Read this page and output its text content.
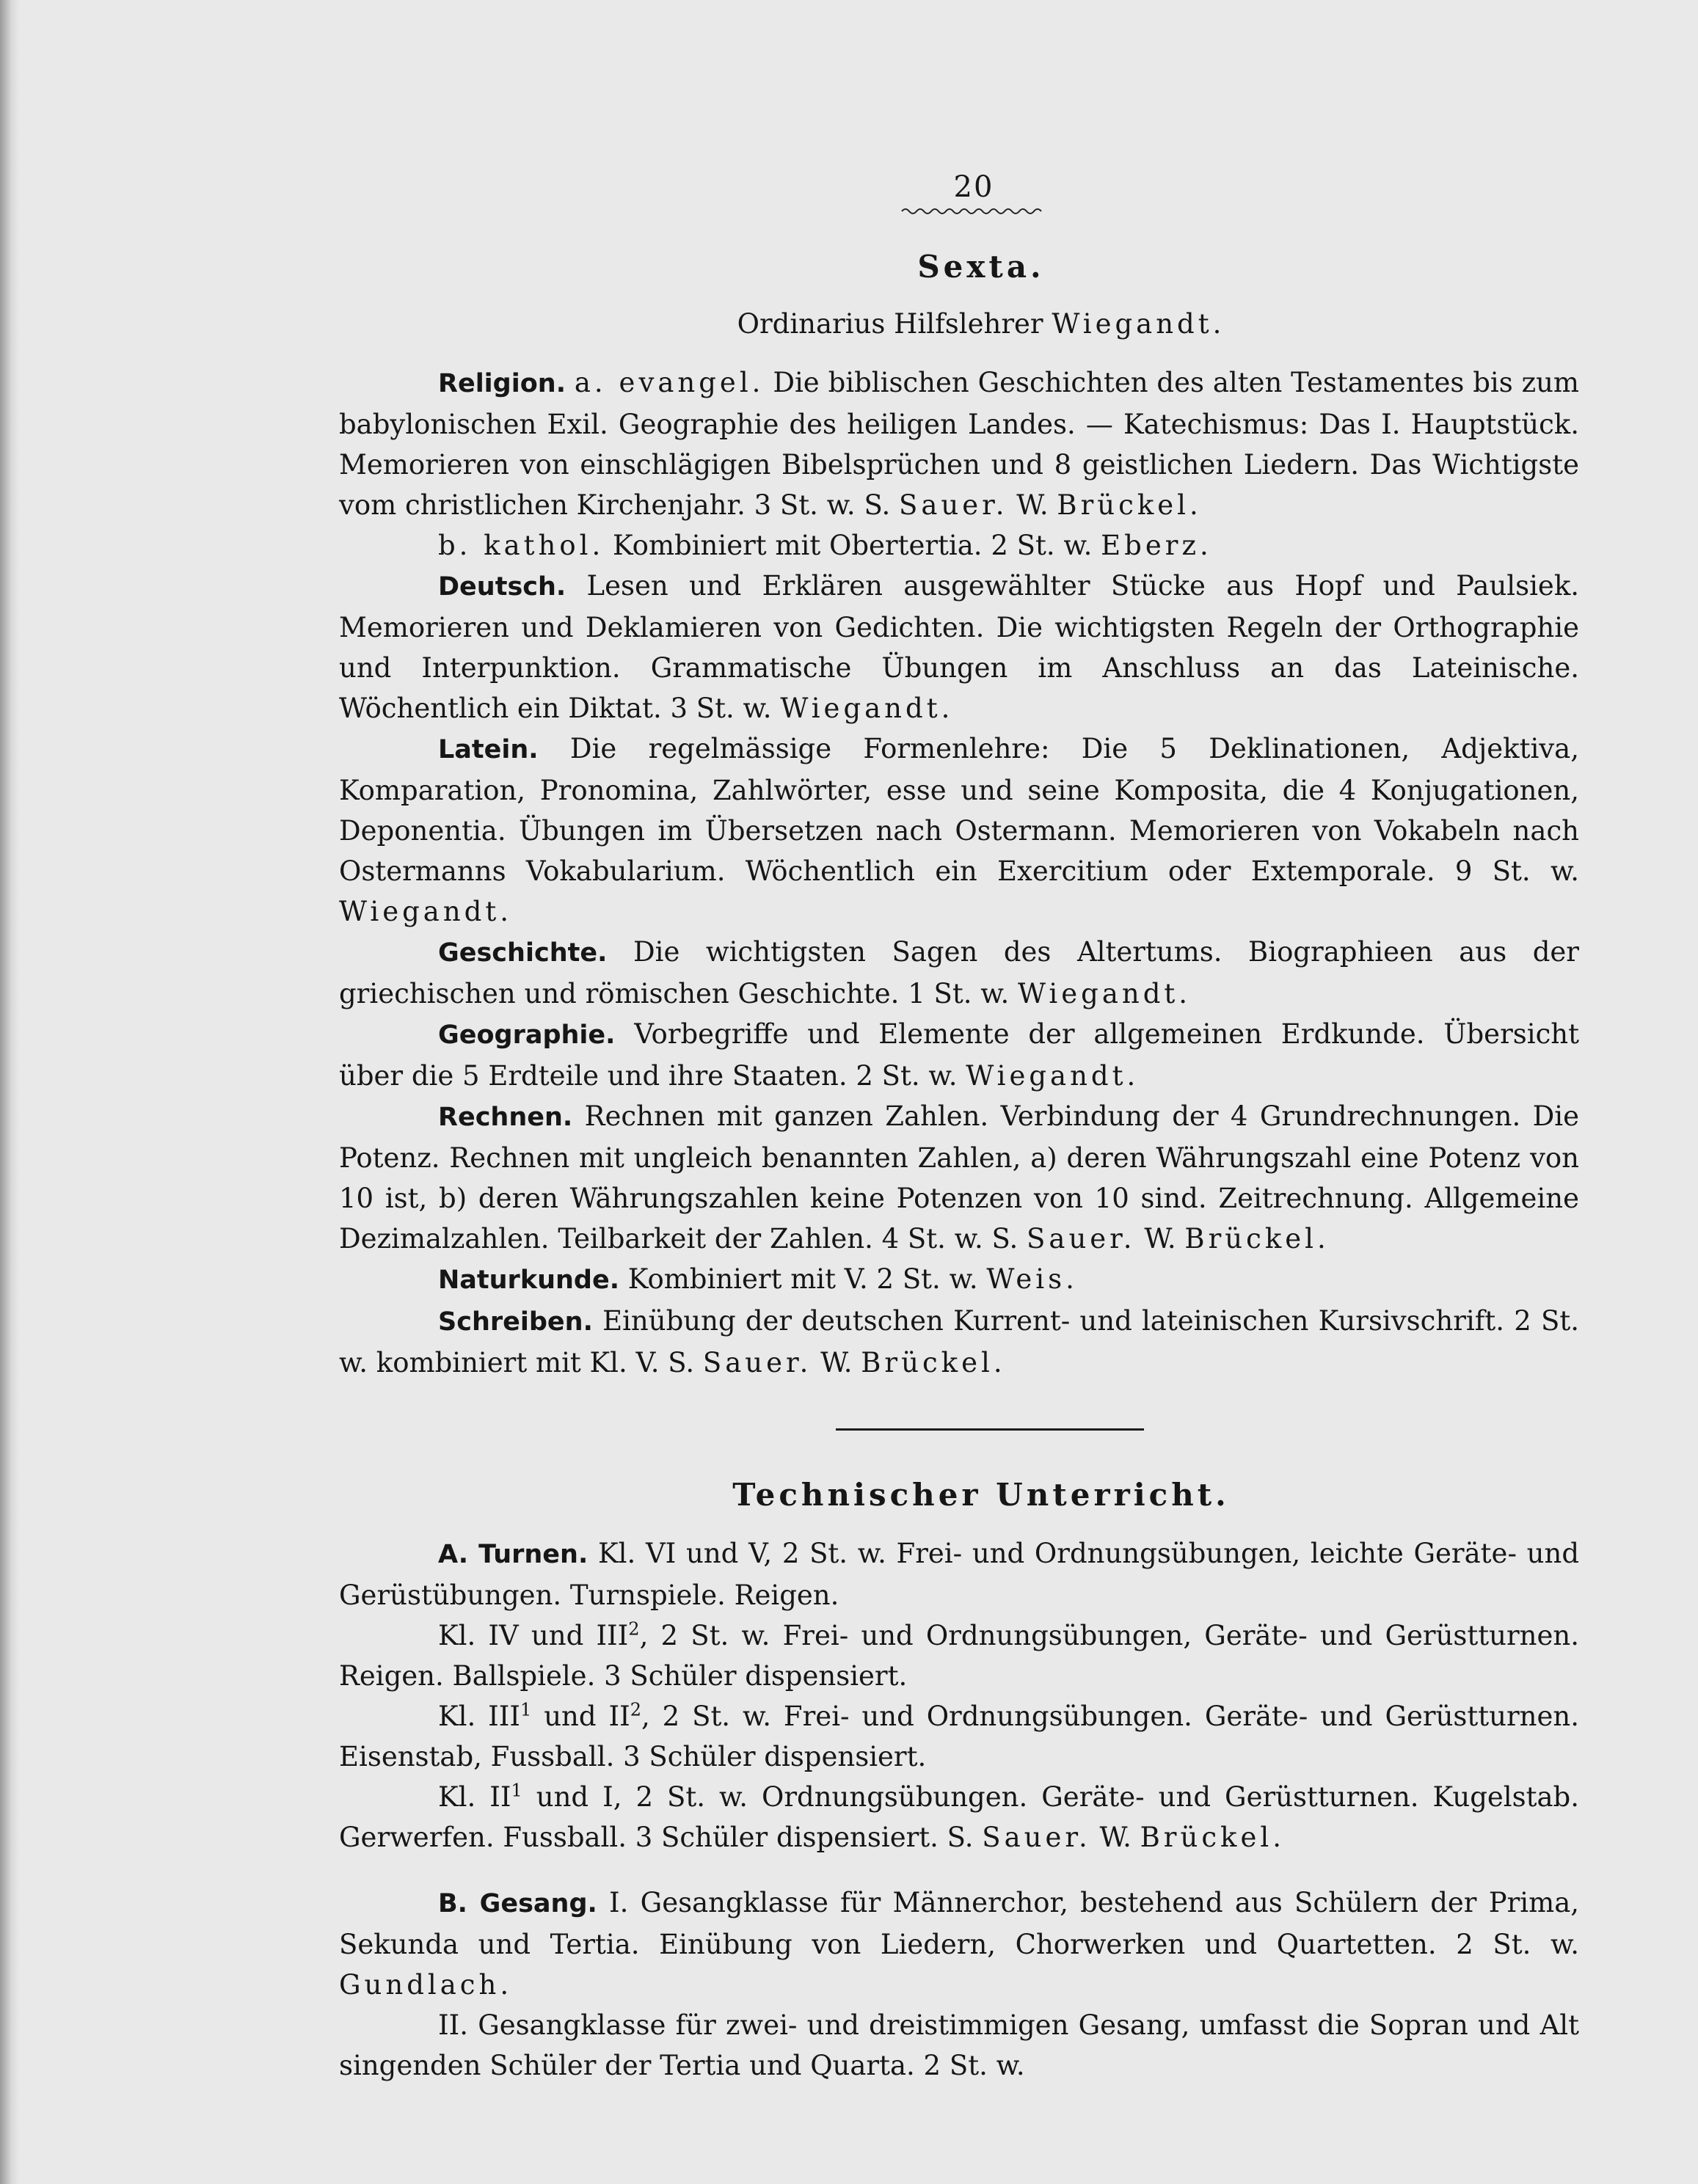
20
Sexta.
Ordinarius Hilfslehrer Wiegandt.

Religion. a. evangel. Die biblischen Geschichten des alten Testamentes bis zum babylonischen Exil. Geographie des heiligen Landes. — Katechismus: Das I. Hauptstück. Memorieren von einschlägigen Bibelsprüchen und 8 geistlichen Liedern. Das Wichtigste vom christlichen Kirchenjahr. 3 St. w. S. Sauer. W. Brückel.

b. kathol. Kombiniert mit Obertertia. 2 St. w. Eberz.

Deutsch. Lesen und Erklären ausgewählter Stücke aus Hopf und Paulsiek. Memorieren und Deklamieren von Gedichten. Die wichtigsten Regeln der Orthographie und Interpunktion. Grammatische Übungen im Anschluss an das Lateinische. Wöchentlich ein Diktat. 3 St. w. Wiegandt.

Latein. Die regelmässige Formenlehre: Die 5 Deklinationen, Adjektiva, Komparation, Pronomina, Zahlwörter, esse und seine Komposita, die 4 Konjugationen, Deponentia. Übungen im Übersetzen nach Ostermann. Memorieren von Vokabeln nach Ostermanns Vokabularium. Wöchentlich ein Exercitium oder Extemporale. 9 St. w. Wiegandt.

Geschichte. Die wichtigsten Sagen des Altertums. Biographieen aus der griechischen und römischen Geschichte. 1 St. w. Wiegandt.

Geographie. Vorbegriffe und Elemente der allgemeinen Erdkunde. Übersicht über die 5 Erdteile und ihre Staaten. 2 St. w. Wiegandt.

Rechnen. Rechnen mit ganzen Zahlen. Verbindung der 4 Grundrechnungen. Die Potenz. Rechnen mit ungleich benannten Zahlen, a) deren Währungszahl eine Potenz von 10 ist, b) deren Währungszahlen keine Potenzen von 10 sind. Zeitrechnung. Allgemeine Dezimalzahlen. Teilbarkeit der Zahlen. 4 St. w. S. Sauer. W. Brückel.

Naturkunde. Kombiniert mit V. 2 St. w. Weis.

Schreiben. Einübung der deutschen Kurrent- und lateinischen Kursivschrift. 2 St. w. kombiniert mit Kl. V. S. Sauer. W. Brückel.

Technischer Unterricht.

A. Turnen. Kl. VI und V, 2 St. w. Frei- und Ordnungsübungen, leichte Geräte- und Gerüstübungen. Turnspiele. Reigen.

Kl. IV und III$^2$, 2 St. w. Frei- und Ordnungsübungen, Geräte- und Gerüstturnen. Reigen. Ballspiele. 3 Schüler dispensiert.

Kl. III$^1$ und $II^2$, 2 St. w. Frei- und Ordnungsübungen. Geräte- und Gerüstturnen. Eisenstab, Fussball. 3 Schüler dispensiert.

Kl. $II^1$ und I, 2 St. w. Ordnungsübungen. Geräte- und Gerüstturnen. Kugelstab. Gerwerfen. Fussball. 3 Schüler dispensiert. S. Sauer. W. Brückel.

B. Gesang. I. Gesangklasse für Männerchor, bestehend aus Schülern der Prima, Sekunda und Tertia. Einübung von Liedern, Chorwerken und Quartetten. 2 St. w. Gundlach.

II. Gesangklasse für zwei- und dreistimmigen Gesang, umfasst die Sopran und Alt singenden Schüler der Tertia und Quarta. 2 St. w.
